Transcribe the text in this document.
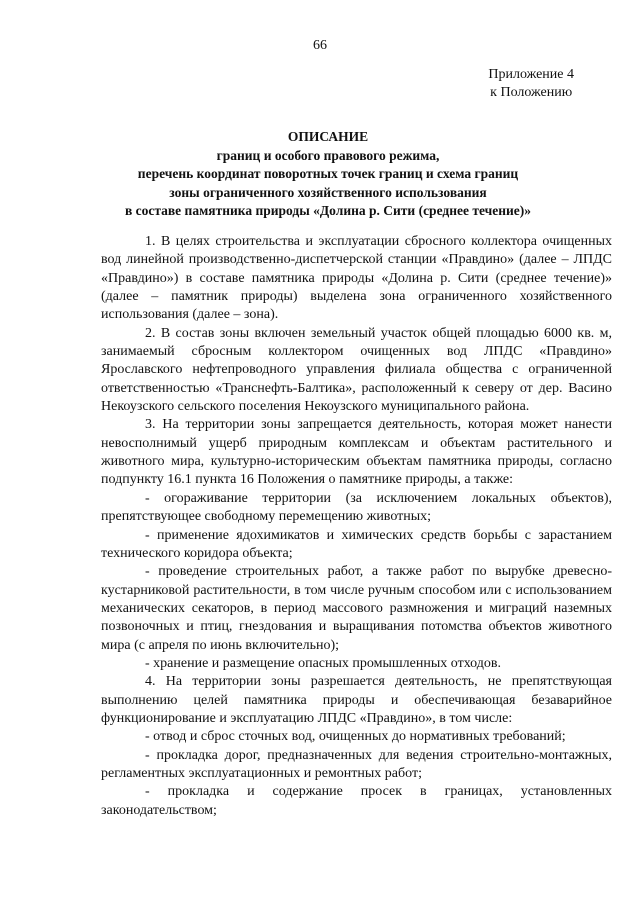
66
Приложение 4
к Положению
ОПИСАНИЕ
границ и особого правового режима,
перечень координат поворотных точек границ и схема границ
зоны ограниченного хозяйственного использования
в составе памятника природы «Долина р. Сити (среднее течение)»

1. В целях строительства и эксплуатации сбросного коллектора очищенных вод линейной производственно-диспетчерской станции «Правдино» (далее – ЛПДС «Правдино») в составе памятника природы «Долина р. Сити (среднее течение)» (далее – памятник природы) выделена зона ограниченного хозяйственного использования (далее – зона).

2. В состав зоны включен земельный участок общей площадью 6000 кв. м, занимаемый сбросным коллектором очищенных вод ЛПДС «Правдино» Ярославского нефтепроводного управления филиала общества с ограниченной ответственностью «Транснефть-Балтика», расположенный к северу от дер. Васино Некоузского сельского поселения Некоузского муниципального района.

3. На территории зоны запрещается деятельность, которая может нанести невосполнимый ущерб природным комплексам и объектам растительного и животного мира, культурно-историческим объектам памятника природы, согласно подпункту 16.1 пункта 16 Положения о памятнике природы, а также:

- огораживание территории (за исключением локальных объектов), препятствующее свободному перемещению животных;

- применение ядохимикатов и химических средств борьбы с зарастанием технического коридора объекта;

- проведение строительных работ, а также работ по вырубке древесно-кустарниковой растительности, в том числе ручным способом или с использованием механических секаторов, в период массового размножения и миграций наземных позвоночных и птиц, гнездования и выращивания потомства объектов животного мира (с апреля по июнь включительно);

- хранение и размещение опасных промышленных отходов.

4. На территории зоны разрешается деятельность, не препятствующая выполнению целей памятника природы и обеспечивающая безаварийное функционирование и эксплуатацию ЛПДС «Правдино», в том числе:

- отвод и сброс сточных вод, очищенных до нормативных требований;

- прокладка дорог, предназначенных для ведения строительно-монтажных, регламентных эксплуатационных и ремонтных работ;

- прокладка и содержание просек в границах, установленных законодательством;
